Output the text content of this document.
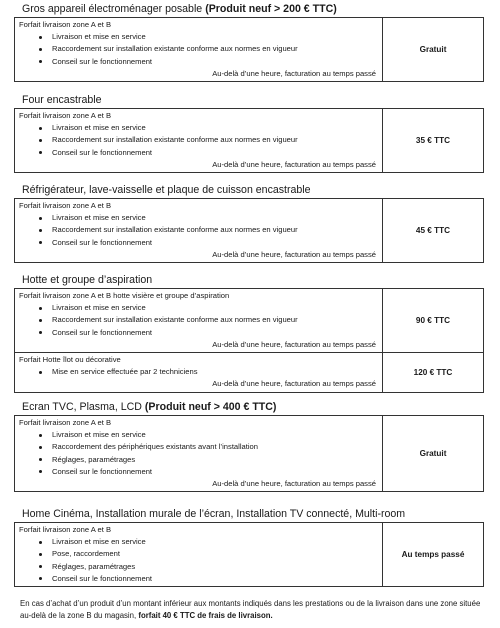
Gros appareil électroménager posable (Produit neuf > 200 € TTC)
Forfait livraison zone A et B
Livraison et mise en service
Raccordement sur installation existante conforme aux normes en vigueur
Conseil sur le fonctionnement
Au-delà d’une heure, facturation au temps passé
Gratuit
Four encastrable
Forfait livraison zone A et B
Livraison et mise en service
Raccordement sur installation existante conforme aux normes en vigueur
Conseil sur le fonctionnement
Au-delà d’une heure, facturation au temps passé
35 € TTC
Réfrigérateur, lave-vaisselle et plaque de cuisson encastrable
Forfait livraison zone A et B
Livraison et mise en service
Raccordement sur installation existante conforme aux normes en vigueur
Conseil sur le fonctionnement
Au-delà d’une heure, facturation au temps passé
45 € TTC
Hotte et groupe d’aspiration
Forfait livraison zone A et B hotte visière et groupe d’aspiration
Livraison et mise en service
Raccordement sur installation existante conforme aux normes en vigueur
Conseil sur le fonctionnement
Au-delà d’une heure, facturation au temps passé
90 € TTC
Forfait Hotte îlot ou décorative
Mise en service effectuée par 2 techniciens
Au-delà d’une heure, facturation au temps passé
120 € TTC
Ecran TVC, Plasma, LCD (Produit neuf > 400 € TTC)
Forfait livraison zone A et B
Livraison et mise en service
Raccordement des périphériques existants avant l’installation
Réglages, paramétrages
Conseil sur le fonctionnement
Au-delà d’une heure, facturation au temps passé
Gratuit
Home Cinéma, Installation murale de l’écran, Installation TV connecté, Multi-room
Forfait livraison zone A et B
Livraison et mise en service
Pose, raccordement
Réglages, paramétrages
Conseil sur le fonctionnement
Au temps passé
En cas d’achat d’un produit d’un montant inférieur aux montants indiqués dans les prestations ou de la livraison dans une zone située au-delà de la zone B du magasin, forfait 40 € TTC de frais de livraison.
